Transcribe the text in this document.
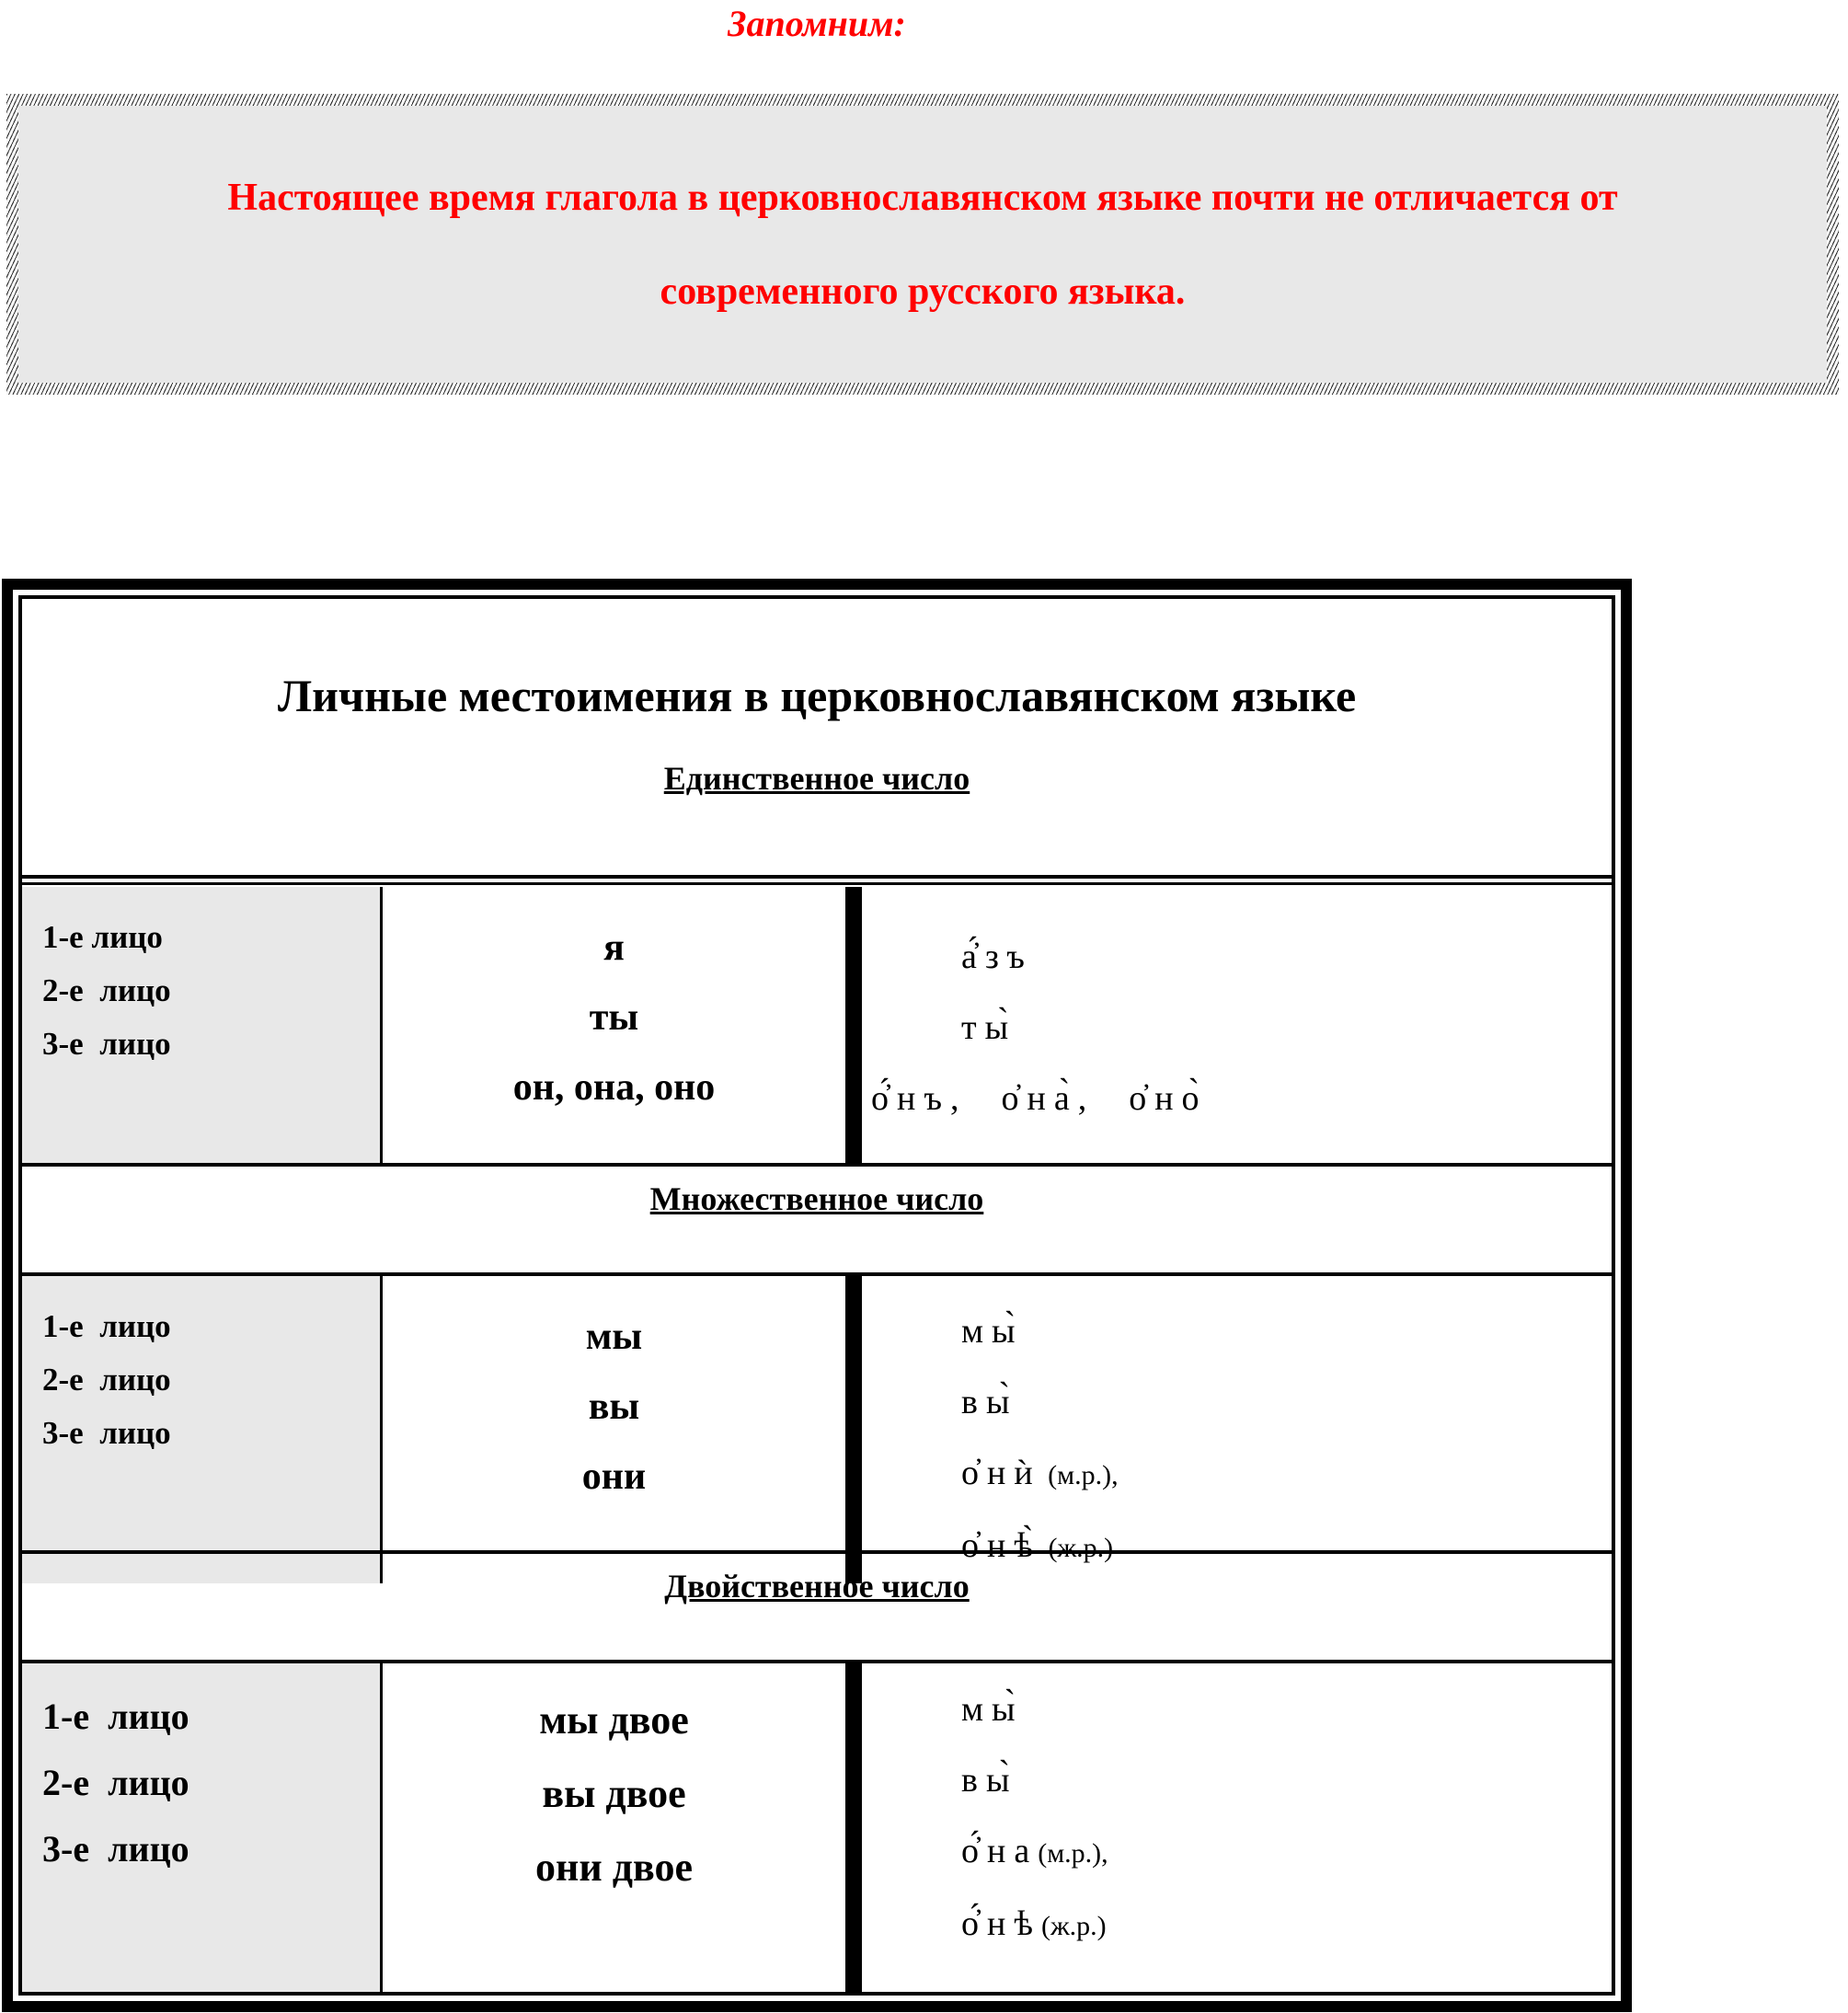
Запомним:
Настоящее время глагола в церковнославянском языке почти не отличается от
современного русского языка.
Личные местоимения в церковнославянском языке
Единственное число
1-е лицо
2-е  лицо
3-е  лицо
я
ты
он, она, оно
а̓́зъ
ты̀
о̓́нъ,  о̓на̀,  о̓но̀
Множественное число
1-е  лицо
2-е  лицо
3-е  лицо
мы
вы
они
мы̀
вы̀
о̓нѝ (м.р.),
о̓нѣ̀ (ж.р.)
Двойственное число
1-е  лицо
2-е  лицо
3-е  лицо
мы двое
вы двое
они двое
мы̀
вы̀
о̓́на(м.р.),
о̓́нѣ(ж.р.)
